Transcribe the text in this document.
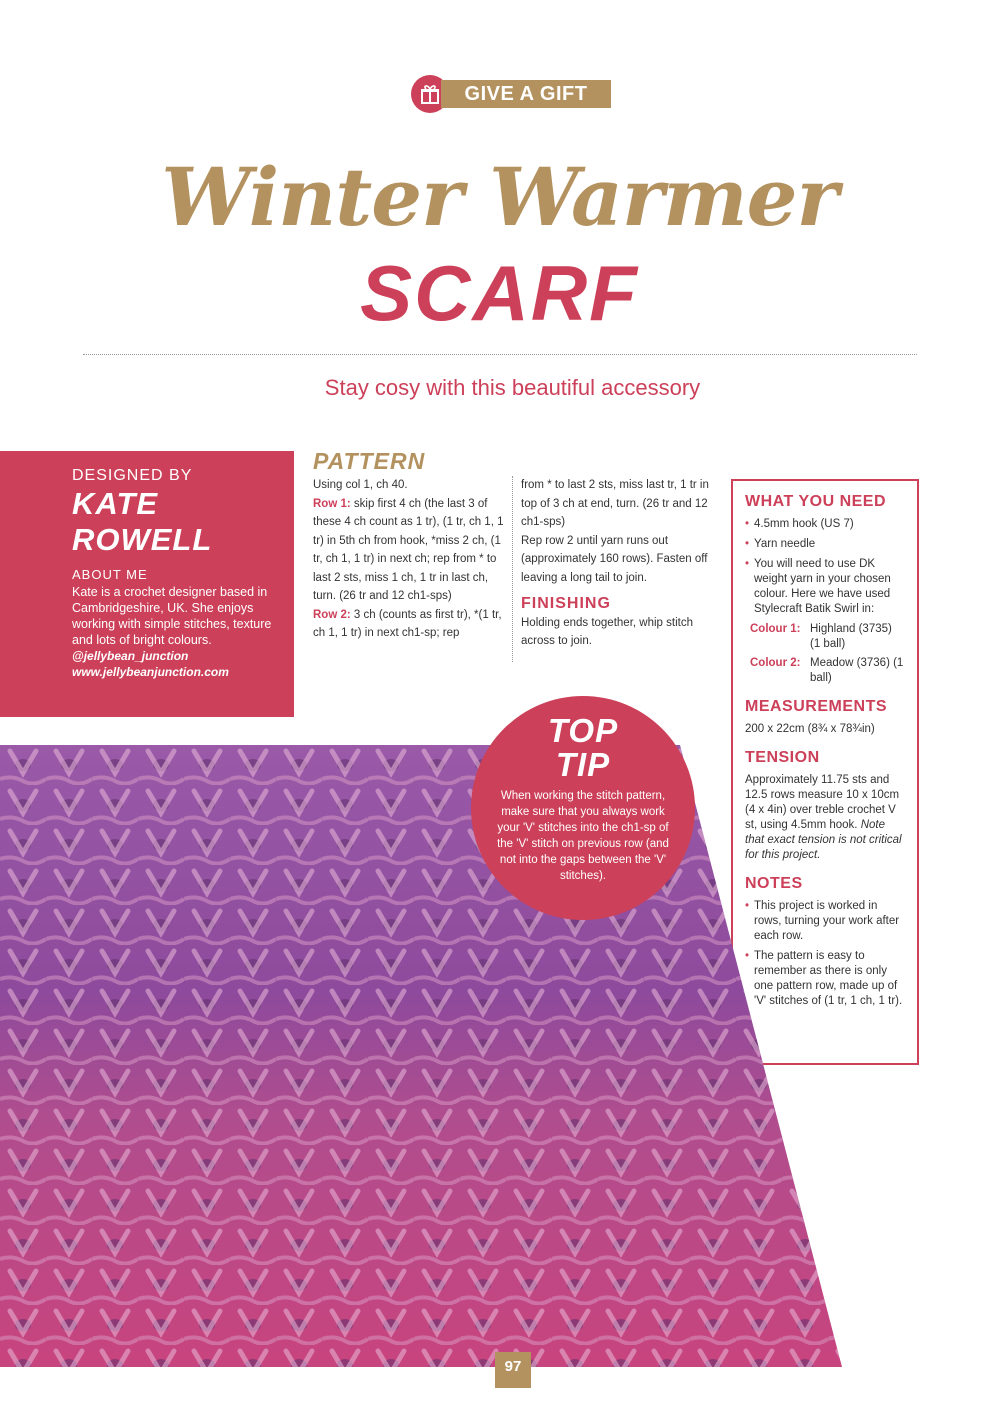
GIVE A GIFT
Winter Warmer
SCARF
Stay cosy with this beautiful accessory
DESIGNED BY
KATE
ROWELL
ABOUT ME
Kate is a crochet designer based in Cambridgeshire, UK. She enjoys working with simple stitches, texture and lots of bright colours.
@jellybean_junction
www.jellybeanjunction.com
PATTERN
Using col 1, ch 40.
Row 1: skip first 4 ch (the last 3 of these 4 ch count as 1 tr), (1 tr, ch 1, 1 tr) in 5th ch from hook, *miss 2 ch, (1 tr, ch 1, 1 tr) in next ch; rep from * to last 2 sts, miss 1 ch, 1 tr in last ch, turn. (26 tr and 12 ch1-sps)
Row 2: 3 ch (counts as first tr), *(1 tr, ch 1, 1 tr) in next ch1-sp; rep
from * to last 2 sts, miss last tr, 1 tr in top of 3 ch at end, turn. (26 tr and 12 ch1-sps)
Rep row 2 until yarn runs out (approximately 160 rows). Fasten off leaving a long tail to join.
FINISHING
Holding ends together, whip stitch across to join.
WHAT YOU NEED
• 4.5mm hook (US 7)
• Yarn needle
• You will need to use DK weight yarn in your chosen colour. Here we have used Stylecraft Batik Swirl in:
Colour 1: Highland (3735) (1 ball)
Colour 2: Meadow (3736) (1 ball)
MEASUREMENTS
200 x 22cm (8¾ x 78¾in)
TENSION
Approximately 11.75 sts and 12.5 rows measure 10 x 10cm (4 x 4in) over treble crochet V st, using 4.5mm hook. Note that exact tension is not critical for this project.
NOTES
• This project is worked in rows, turning your work after each row.
• The pattern is easy to remember as there is only one pattern row, made up of 'V' stitches of (1 tr, 1 ch, 1 tr).
TOP
TIP
When working the stitch pattern, make sure that you always work your 'V' stitches into the ch1-sp of the 'V' stitch on previous row (and not into the gaps between the 'V' stitches).
97
